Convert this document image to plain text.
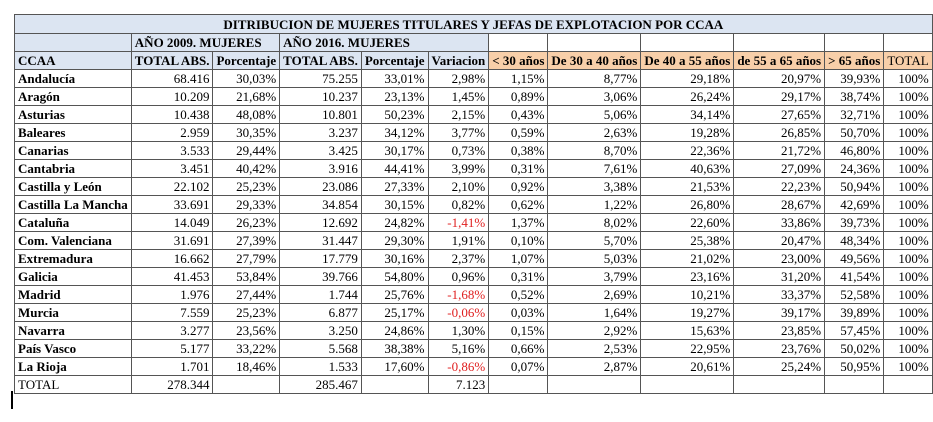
DITRIBUCION DE MUJERES TITULARES Y JEFAS DE EXPLOTACION POR CCAA											
	AÑO 2009. MUJERES		AÑO 2016. MUJERES								
CCAA	TOTAL ABS.	Porcentaje	TOTAL ABS.	Porcentaje	Variacion	< 30 años	De 30 a 40 años	De 40 a 55 años	de 55 a 65 años	> 65 años	TOTAL
Andalucía	68.416	30,03%	75.255	33,01%	2,98%	1,15%	8,77%	29,18%	20,97%	39,93%	100%
Aragón	10.209	21,68%	10.237	23,13%	1,45%	0,89%	3,06%	26,24%	29,17%	38,74%	100%
Asturias	10.438	48,08%	10.801	50,23%	2,15%	0,43%	5,06%	34,14%	27,65%	32,71%	100%
Baleares	2.959	30,35%	3.237	34,12%	3,77%	0,59%	2,63%	19,28%	26,85%	50,70%	100%
Canarias	3.533	29,44%	3.425	30,17%	0,73%	0,38%	8,70%	22,36%	21,72%	46,80%	100%
Cantabria	3.451	40,42%	3.916	44,41%	3,99%	0,31%	7,61%	40,63%	27,09%	24,36%	100%
Castilla y León	22.102	25,23%	23.086	27,33%	2,10%	0,92%	3,38%	21,53%	22,23%	50,94%	100%
Castilla La Mancha	33.691	29,33%	34.854	30,15%	0,82%	0,62%	1,22%	26,80%	28,67%	42,69%	100%
Cataluña	14.049	26,23%	12.692	24,82%	-1,41%	1,37%	8,02%	22,60%	33,86%	39,73%	100%
Com. Valenciana	31.691	27,39%	31.447	29,30%	1,91%	0,10%	5,70%	25,38%	20,47%	48,34%	100%
Extremadura	16.662	27,79%	17.779	30,16%	2,37%	1,07%	5,03%	21,02%	23,00%	49,56%	100%
Galicia	41.453	53,84%	39.766	54,80%	0,96%	0,31%	3,79%	23,16%	31,20%	41,54%	100%
Madrid	1.976	27,44%	1.744	25,76%	-1,68%	0,52%	2,69%	10,21%	33,37%	52,58%	100%
Murcia	7.559	25,23%	6.877	25,17%	-0,06%	0,03%	1,64%	19,27%	39,17%	39,89%	100%
Navarra	3.277	23,56%	3.250	24,86%	1,30%	0,15%	2,92%	15,63%	23,85%	57,45%	100%
País Vasco	5.177	33,22%	5.568	38,38%	5,16%	0,66%	2,53%	22,95%	23,76%	50,02%	100%
La Rioja	1.701	18,46%	1.533	17,60%	-0,86%	0,07%	2,87%	20,61%	25,24%	50,95%	100%
TOTAL	278.344		285.467		7.123						
